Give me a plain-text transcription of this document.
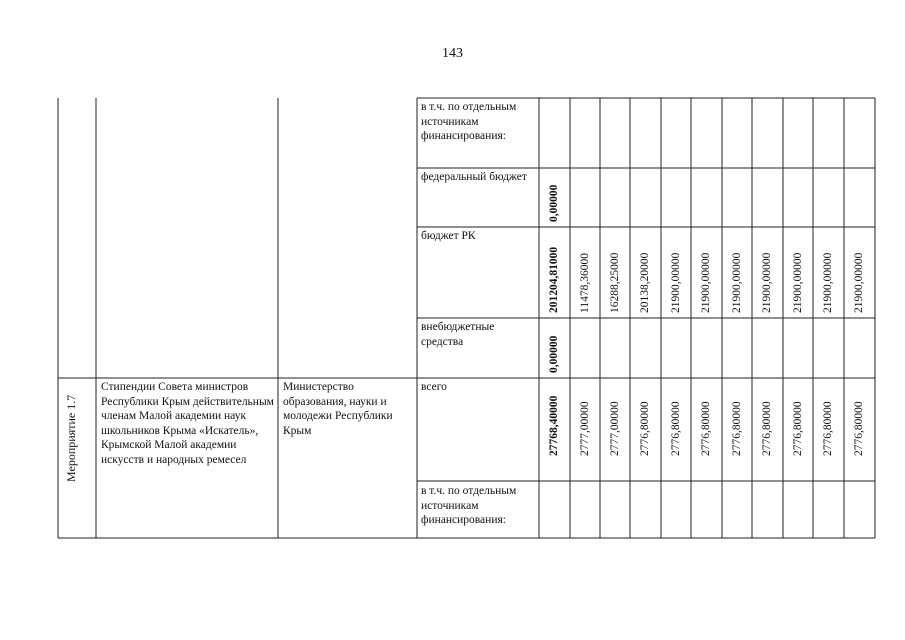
143
в т.ч. по отдельным источникам финансирования:
федеральный бюджет
бюджет РК
внебюджетные средства
0,00000
201204,81000
0,00000
11478,36000 16288,25000 20138,20000 21900,00000 21900,00000 21900,00000 21900,00000 21900,00000 21900,00000 21900,00000
Мероприятие 1.7
Стипендии Совета министров Республики Крым действительным членам Малой академии наук школьников Крыма «Искатель», Крымской Малой академии искусств и народных ремесел
Министерство образования, науки и молодежи Республики Крым
всего
в т.ч. по отдельным источникам финансирования:
27768,40000 2777,00000 2777,00000 2776,80000 2776,80000 2776,80000 2776,80000 2776,80000 2776,80000 2776,80000 2776,80000
